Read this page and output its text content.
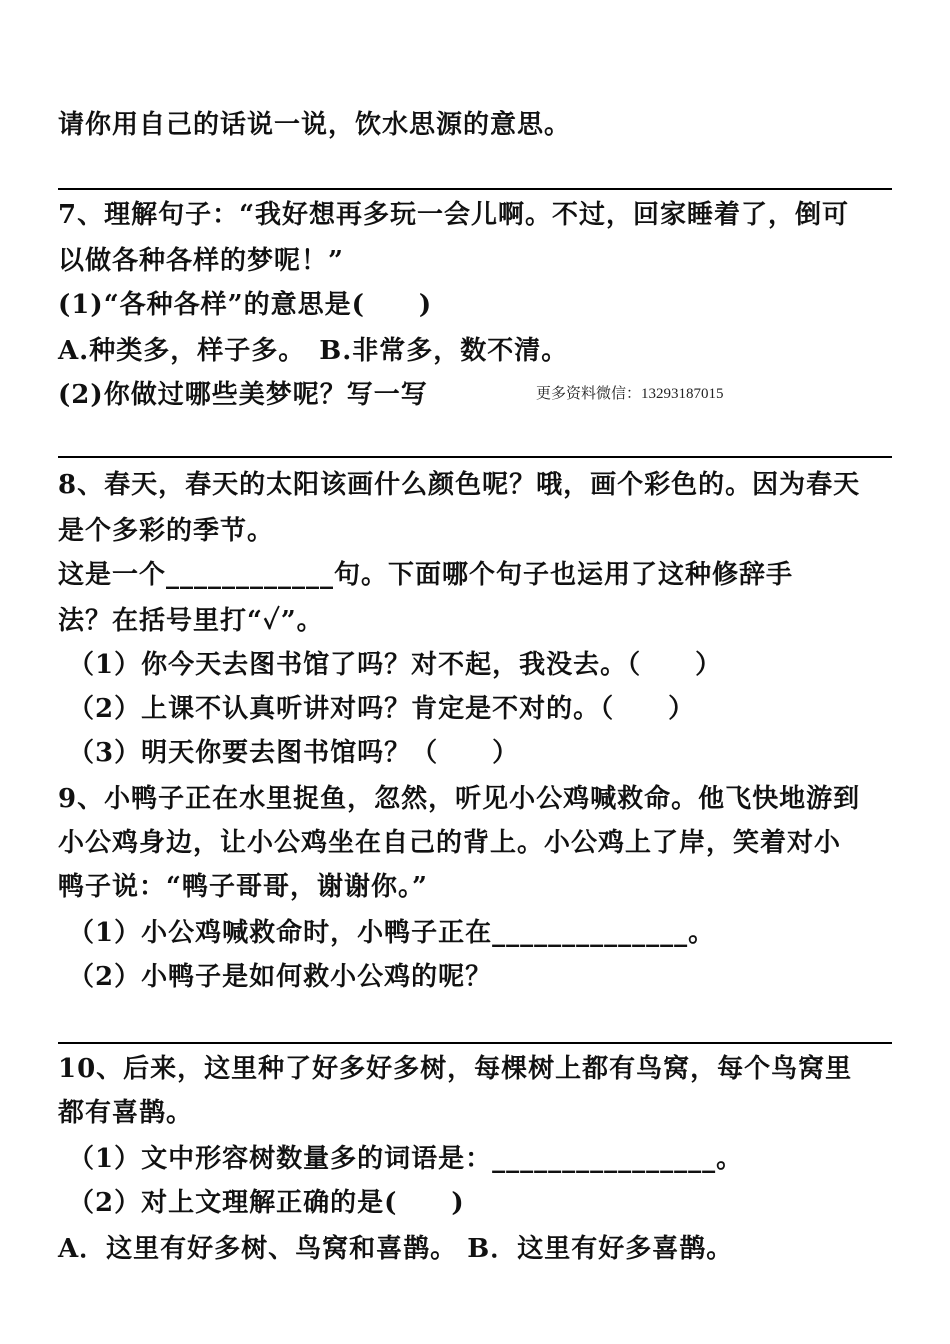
请你用自己的话说一说，饮水思源的意思。
7、理解句子：“我好想再多玩一会儿啊。不过，回家睡着了，倒可
以做各种各样的梦呢！”
(1)“各种各样”的意思是(　　)
A.种类多，样子多。　B.非常多，数不清。
(2)你做过哪些美梦呢？写一写	更多资料微信：13293187015
8、春天，春天的太阳该画什么颜色呢？哦，画个彩色的。因为春天
是个多彩的季节。
这是一个____________句。下面哪个句子也运用了这种修辞手
法？在括号里打“✓”。
（1）你今天去图书馆了吗？对不起，我没去。（　　）
（2）上课不认真听讲对吗？肯定是不对的。（　　）
（3）明天你要去图书馆吗？（　　）
9、小鸭子正在水里捉鱼，忽然，听见小公鸡喊救命。他飞快地游到
小公鸡身边，让小公鸡坐在自己的背上。小公鸡上了岸，笑着对小
鸭子说：“鸭子哥哥，谢谢你。”
（1）小公鸡喊救命时，小鸭子正在______________。
（2）小鸭子是如何救小公鸡的呢？
10、后来，这里种了好多好多树，每棵树上都有鸟窝，每个鸟窝里
都有喜鹊。
（1）文中形容树数量多的词语是：________________。
（2）对上文理解正确的是(　　)
A．这里有好多树、鸟窝和喜鹊。 B．这里有好多喜鹊。
